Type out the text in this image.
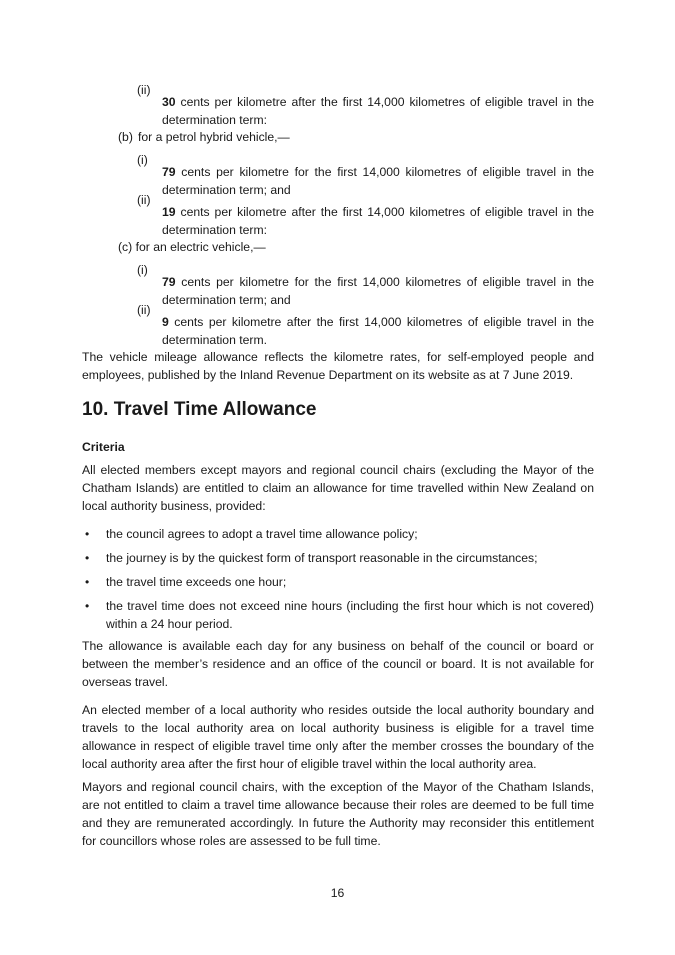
(ii)

30 cents per kilometre after the first 14,000 kilometres of eligible travel in the determination term:

(b) for a petrol hybrid vehicle,—
(i)

79 cents per kilometre for the first 14,000 kilometres of eligible travel in the determination term; and

(ii)

19 cents per kilometre after the first 14,000 kilometres of eligible travel in the determination term:

(c) for an electric vehicle,—
(i)

79 cents per kilometre for the first 14,000 kilometres of eligible travel in the determination term; and

(ii)

9 cents per kilometre after the first 14,000 kilometres of eligible travel in the determination term.

The vehicle mileage allowance reflects the kilometre rates, for self-employed people and employees, published by the Inland Revenue Department on its website as at 7 June 2019.

10. Travel Time Allowance
Criteria

All elected members except mayors and regional council chairs (excluding the Mayor of the Chatham Islands) are entitled to claim an allowance for time travelled within New Zealand on local authority business, provided:

• the council agrees to adopt a travel time allowance policy;
• the journey is by the quickest form of transport reasonable in the circumstances;
• the travel time exceeds one hour;
• the travel time does not exceed nine hours (including the first hour which is not covered) within a 24 hour period.

The allowance is available each day for any business on behalf of the council or board or between the member’s residence and an office of the council or board. It is not available for overseas travel.

An elected member of a local authority who resides outside the local authority boundary and travels to the local authority area on local authority business is eligible for a travel time allowance in respect of eligible travel time only after the member crosses the boundary of the local authority area after the first hour of eligible travel within the local authority area.

Mayors and regional council chairs, with the exception of the Mayor of the Chatham Islands, are not entitled to claim a travel time allowance because their roles are deemed to be full time and they are remunerated accordingly. In future the Authority may reconsider this entitlement for councillors whose roles are assessed to be full time.

16
